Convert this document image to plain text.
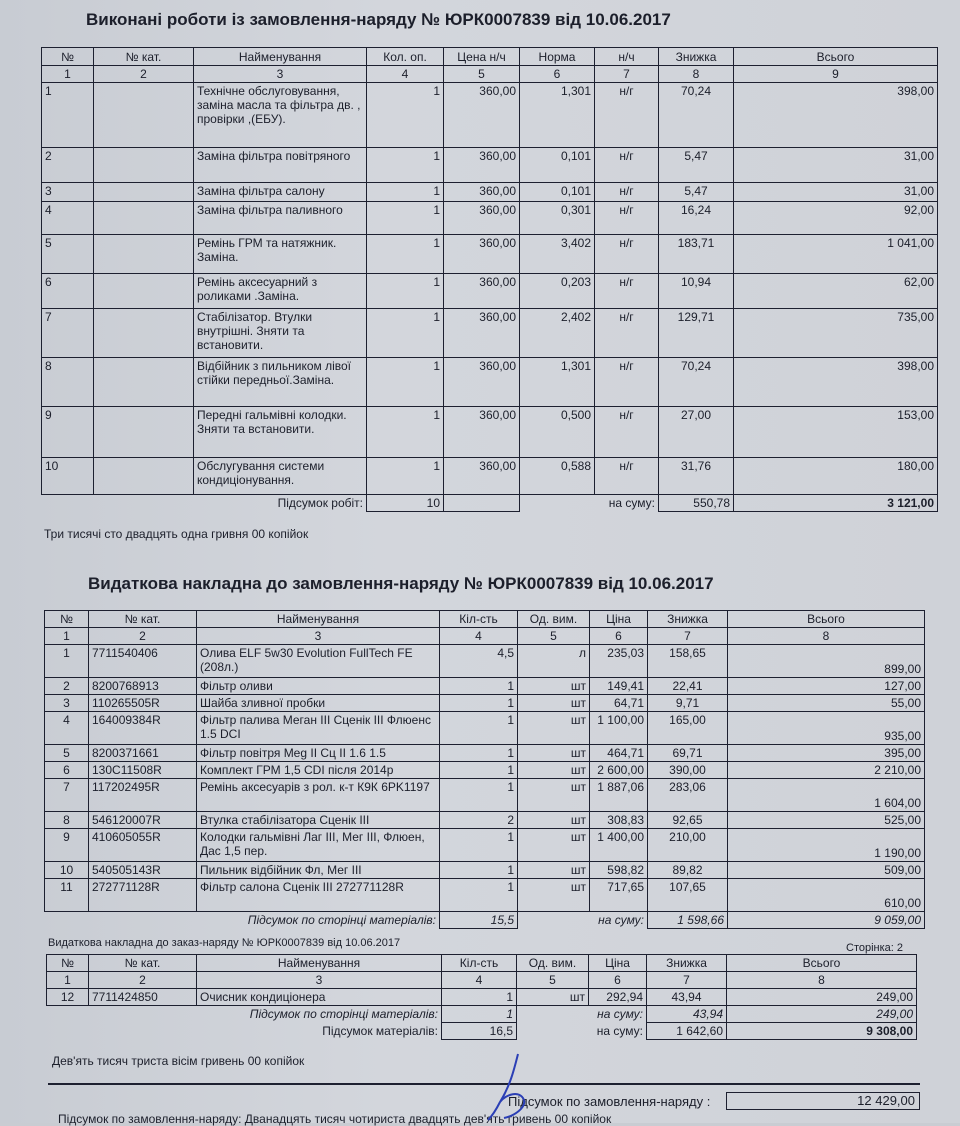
Виконані роботи із замовлення-наряду № ЮРК0007839 від 10.06.2017
№	№ кат.	Найменування	Кол. оп.	Цена н/ч	Норма	н/ч	Знижка	Всього
1	2	3	4	5	6	7	8	9
1		Технічне обслуговування, заміна масла та фільтра дв. , провірки ,(ЕБУ).	1	360,00	1,301	н/г	70,24	398,00
2		Заміна фільтра повітряного	1	360,00	0,101	н/г	5,47	31,00
3		Заміна фільтра салону	1	360,00	0,101	н/г	5,47	31,00
4		Заміна фільтра паливного	1	360,00	0,301	н/г	16,24	92,00
5		Ремінь ГРМ та натяжник. Заміна.	1	360,00	3,402	н/г	183,71	1 041,00
6		Ремінь аксесуарний з роликами .Заміна.	1	360,00	0,203	н/г	10,94	62,00
7		Стабілізатор. Втулки внутрішні. Зняти та встановити.	1	360,00	2,402	н/г	129,71	735,00
8		Відбійник з пильником лівої стійки передньої.Заміна.	1	360,00	1,301	н/г	70,24	398,00
9		Передні гальмівні колодки. Зняти та встановити.	1	360,00	0,500	н/г	27,00	153,00
10		Обслугування системи кондиціонування.	1	360,00	0,588	н/г	31,76	180,00
		Підсумок робіт:	10			на суму:	550,78	3 121,00
Три тисячі сто двадцять одна гривня 00 копійок
Видаткова накладна до замовлення-наряду № ЮРК0007839 від 10.06.2017
№	№ кат.	Найменування	Кіл-сть	Од. вим.	Ціна	Знижка	Всього
1	2	3	4	5	6	7	8
1	7711540406	Олива ELF 5w30 Evolution FullTech FE (208л.)	4,5	л	235,03	158,65	899,00
2	8200768913	Фільтр оливи	1	шт	149,41	22,41	127,00
3	110265505R	Шайба зливної пробки	1	шт	64,71	9,71	55,00
4	164009384R	Фільтр палива Меган III Сценік III Флюенс 1.5 DCI	1	шт	1 100,00	165,00	935,00
5	8200371661	Фільтр повітря Meg II Сц II 1.6 1.5	1	шт	464,71	69,71	395,00
6	130C11508R	Комплект ГРМ 1,5 CDI після 2014р	1	шт	2 600,00	390,00	2 210,00
7	117202495R	Ремінь аксесуарів з рол. к-т К9К 6PK1197	1	шт	1 887,06	283,06	1 604,00
8	546120007R	Втулка стабілізатора Сценік III	2	шт	308,83	92,65	525,00
9	410605055R	Колодки гальмівні Лаг III, Мег III, Флюен, Дас 1,5 пер.	1	шт	1 400,00	210,00	1 190,00
10	540505143R	Пильник відбійник Фл, Мег III	1	шт	598,82	89,82	509,00
11	272771128R	Фільтр салона Сценік III 272771128R	1	шт	717,65	107,65	610,00
		Підсумок по сторінці матеріалів:	15,5		на суму:	1 598,66	9 059,00
Видаткова накладна до заказ-наряду № ЮРК0007839 від 10.06.2017	Сторінка: 2
№	№ кат.	Найменування	Кіл-сть	Од. вим.	Ціна	Знижка	Всього
1	2	3	4	5	6	7	8
12	7711424850	Очисник кондиціонера	1	шт	292,94	43,94	249,00
		Підсумок по сторінці матеріалів:	1		на суму:	43,94	249,00
		Підсумок матеріалів:	16,5		на суму:	1 642,60	9 308,00
Дев'ять тисяч триста вісім гривень 00 копійок
Підсумок по замовлення-наряду :	12 429,00
Підсумок по замовлення-наряду: Дванадцять тисяч чотириста двадцять дев'ять гривень 00 копійок
